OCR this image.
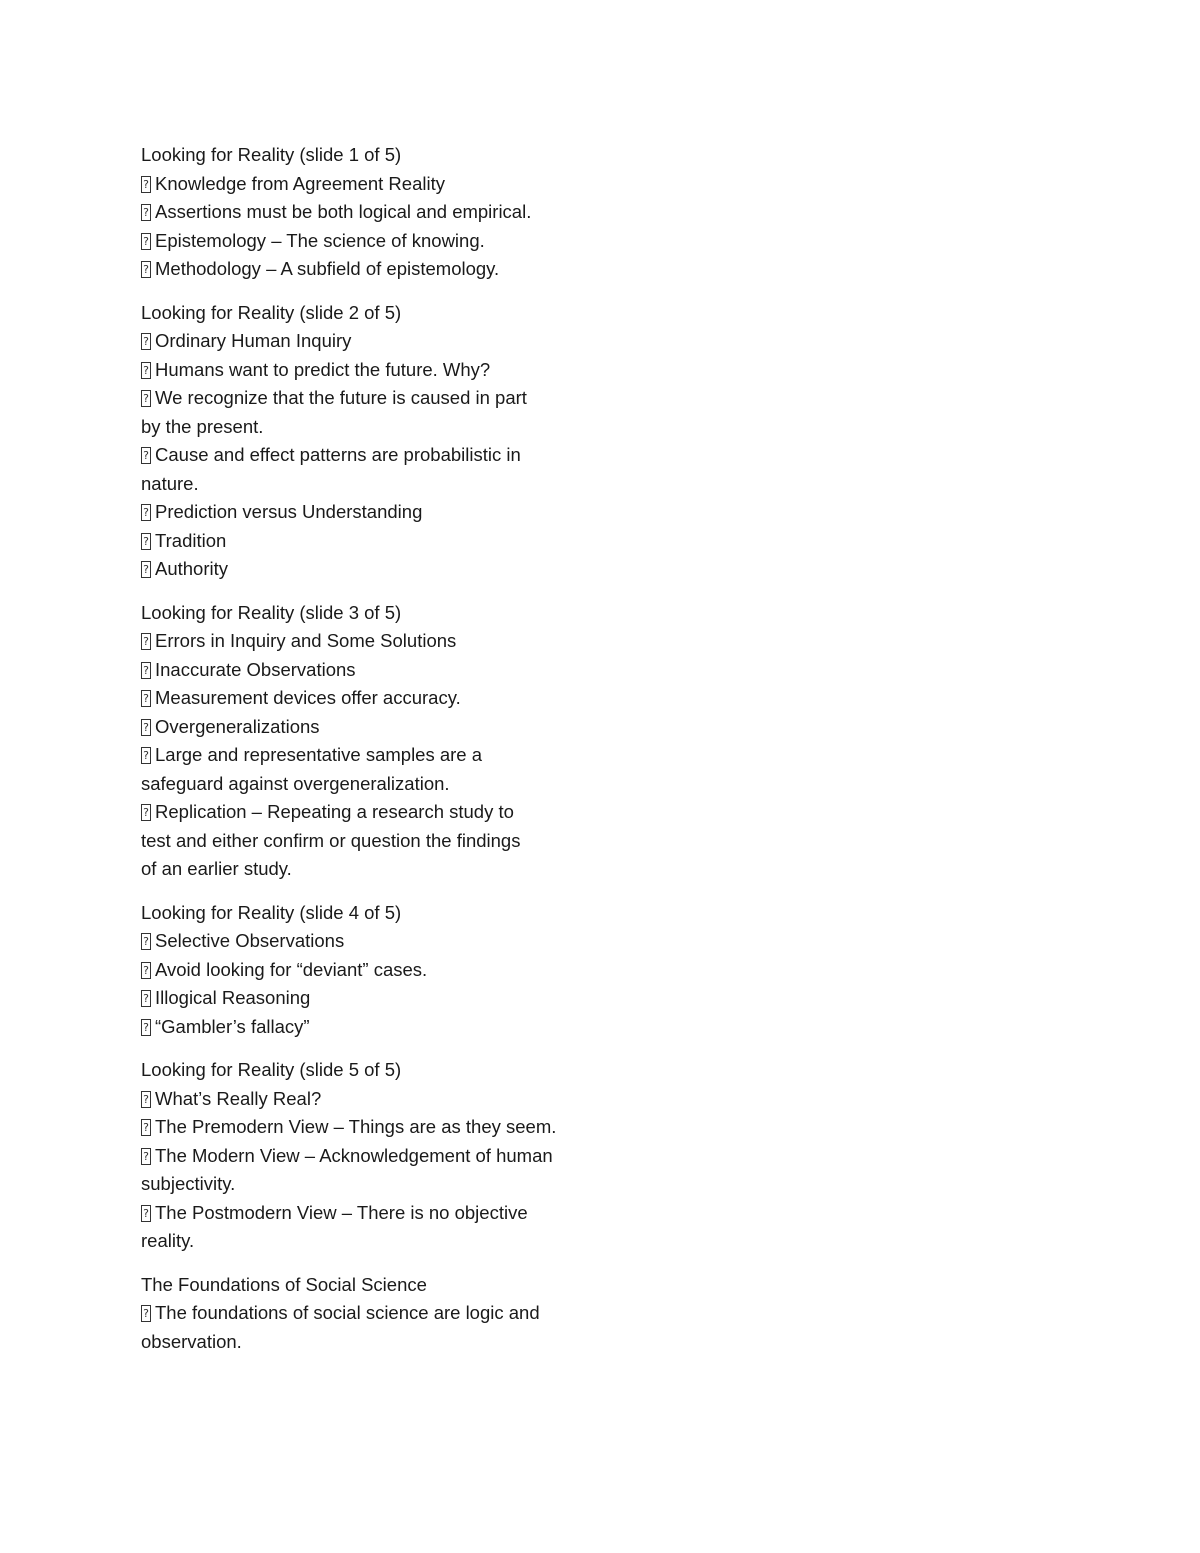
Looking for Reality (slide 1 of 5)
?Knowledge from Agreement Reality
?Assertions must be both logical and empirical.
?Epistemology – The science of knowing.
?Methodology – A subfield of epistemology.
Looking for Reality (slide 2 of 5)
?Ordinary Human Inquiry
?Humans want to predict the future. Why?
?We recognize that the future is caused in part
by the present.
?Cause and effect patterns are probabilistic in
nature.
?Prediction versus Understanding
?Tradition
?Authority
Looking for Reality (slide 3 of 5)
?Errors in Inquiry and Some Solutions
?Inaccurate Observations
?Measurement devices offer accuracy.
?Overgeneralizations
?Large and representative samples are a
safeguard against overgeneralization.
?Replication – Repeating a research study to
test and either confirm or question the findings
of an earlier study.
Looking for Reality (slide 4 of 5)
?Selective Observations
?Avoid looking for “deviant” cases.
?Illogical Reasoning
?“Gambler’s fallacy”
Looking for Reality (slide 5 of 5)
?What’s Really Real?
?The Premodern View – Things are as they seem.
?The Modern View – Acknowledgement of human
subjectivity.
?The Postmodern View – There is no objective
reality.
The Foundations of Social Science
?The foundations of social science are logic and
observation.
